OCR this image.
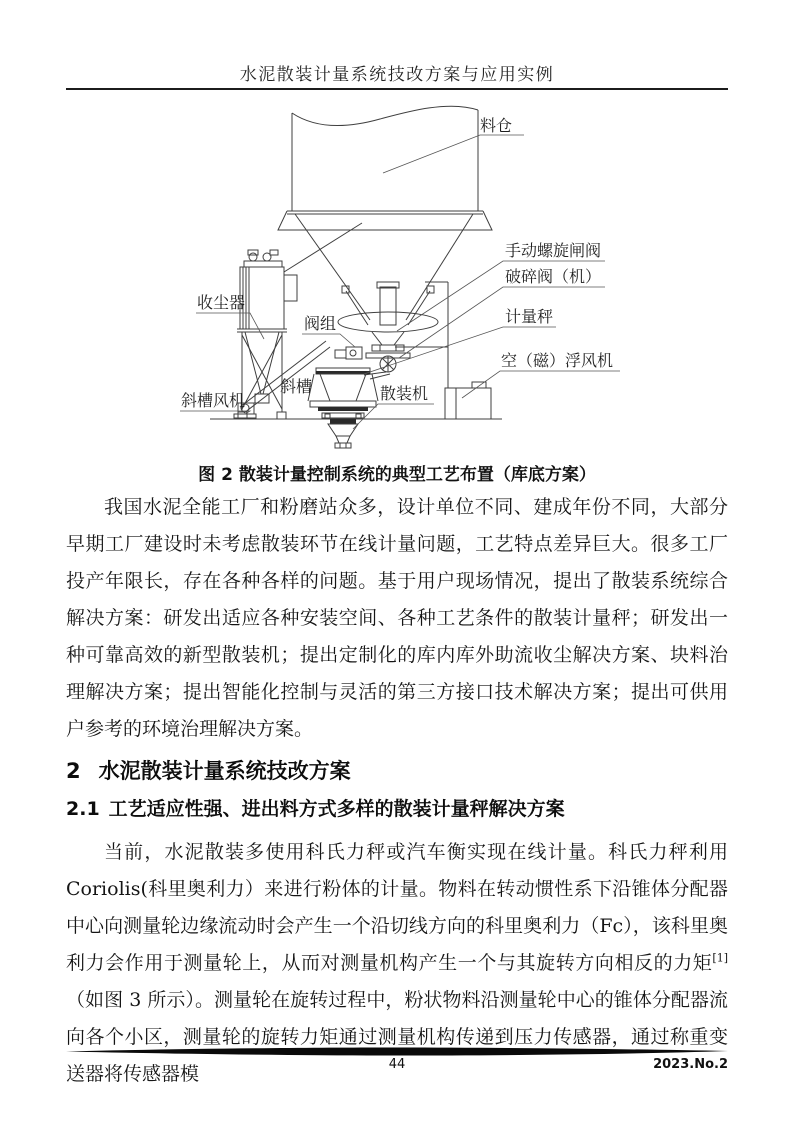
水泥散装计量系统技改方案与应用实例
料仓
手动螺旋闸阀
破碎阀（机）
计量秤
空（磁）浮风机
收尘器
阀组
斜槽
斜槽风机	散装机
图 2 散装计量控制系统的典型工艺布置（库底方案）

我国水泥全能工厂和粉磨站众多，设计单位不同、建成年份不同，大部分早期工厂建设时未考虑散装环节在线计量问题，工艺特点差异巨大。很多工厂投产年限长，存在各种各样的问题。基于用户现场情况，提出了散装系统综合解决方案：研发出适应各种安装空间、各种工艺条件的散装计量秤；研发出一种可靠高效的新型散装机；提出定制化的库内库外助流收尘解决方案、块料治理解决方案；提出智能化控制与灵活的第三方接口技术解决方案；提出可供用户参考的环境治理解决方案。

2 水泥散装计量系统技改方案
2.1 工艺适应性强、进出料方式多样的散装计量秤解决方案

当前，水泥散装多使用科氏力秤或汽车衡实现在线计量。科氏力秤利用Coriolis(科里奥利力）来进行粉体的计量。物料在转动惯性系下沿锥体分配器中心向测量轮边缘流动时会产生一个沿切线方向的科里奥利力（Fc），该科里奥利力会作用于测量轮上，从而对测量机构产生一个与其旋转方向相反的力矩[1]（如图 3 所示）。测量轮在旋转过程中，粉状物料沿测量轮中心的锥体分配器流向各个小区，测量轮的旋转力矩通过测量机构传递到压力传感器，通过称重变送器将传感器模	44	2023.No.2
